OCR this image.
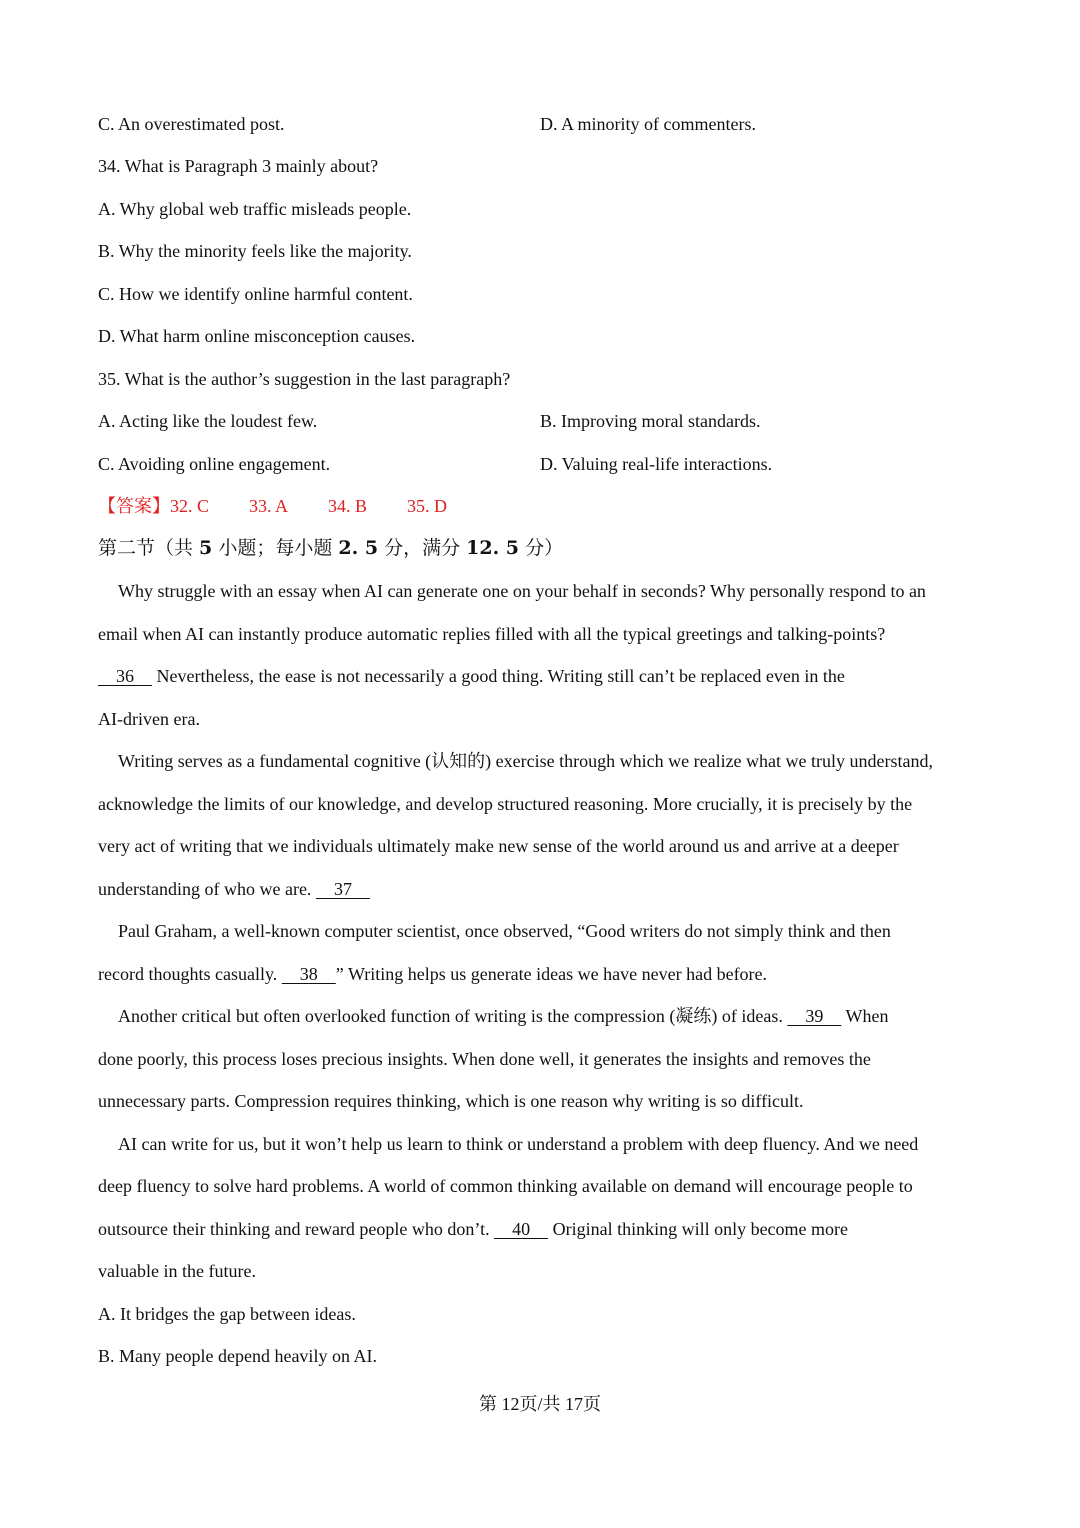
C. An overestimated post.	D. A minority of commenters.
34. What is Paragraph 3 mainly about?
A. Why global web traffic misleads people.
B. Why the minority feels like the majority.
C. How we identify online harmful content.
D. What harm online misconception causes.
35. What is the author’s suggestion in the last paragraph?
A. Acting like the loudest few.	B. Improving moral standards.
C. Avoiding online engagement.	D. Valuing real-life interactions.
【答案】32. C 33. A 34. B 35. D
第二节（共 5 小题；每小题 2. 5 分，满分 12. 5 分）
Why struggle with an essay when AI can generate one on your behalf in seconds? Why personally respond to an
email when AI can instantly produce automatic replies filled with all the typical greetings and talking-points?
36     Nevertheless, the ease is not necessarily a good thing. Writing still can’t be replaced even in the
AI-driven era.
Writing serves as a fundamental cognitive (认知的) exercise through which we realize what we truly understand,
acknowledge the limits of our knowledge, and develop structured reasoning. More crucially, it is precisely by the
very act of writing that we individuals ultimately make new sense of the world around us and arrive at a deeper
understanding of who we are.     37
Paul Graham, a well-known computer scientist, once observed, “Good writers do not simply think and then
record thoughts casually.     38    ” Writing helps us generate ideas we have never had before.
Another critical but often overlooked function of writing is the compression (凝练) of ideas.     39     When
done poorly, this process loses precious insights. When done well, it generates the insights and removes the
unnecessary parts. Compression requires thinking, which is one reason why writing is so difficult.
AI can write for us, but it won’t help us learn to think or understand a problem with deep fluency. And we need
deep fluency to solve hard problems. A world of common thinking available on demand will encourage people to
outsource their thinking and reward people who don’t.     40     Original thinking will only become more
valuable in the future.
A. It bridges the gap between ideas.
B. Many people depend heavily on AI.
第 12页/共 17页
